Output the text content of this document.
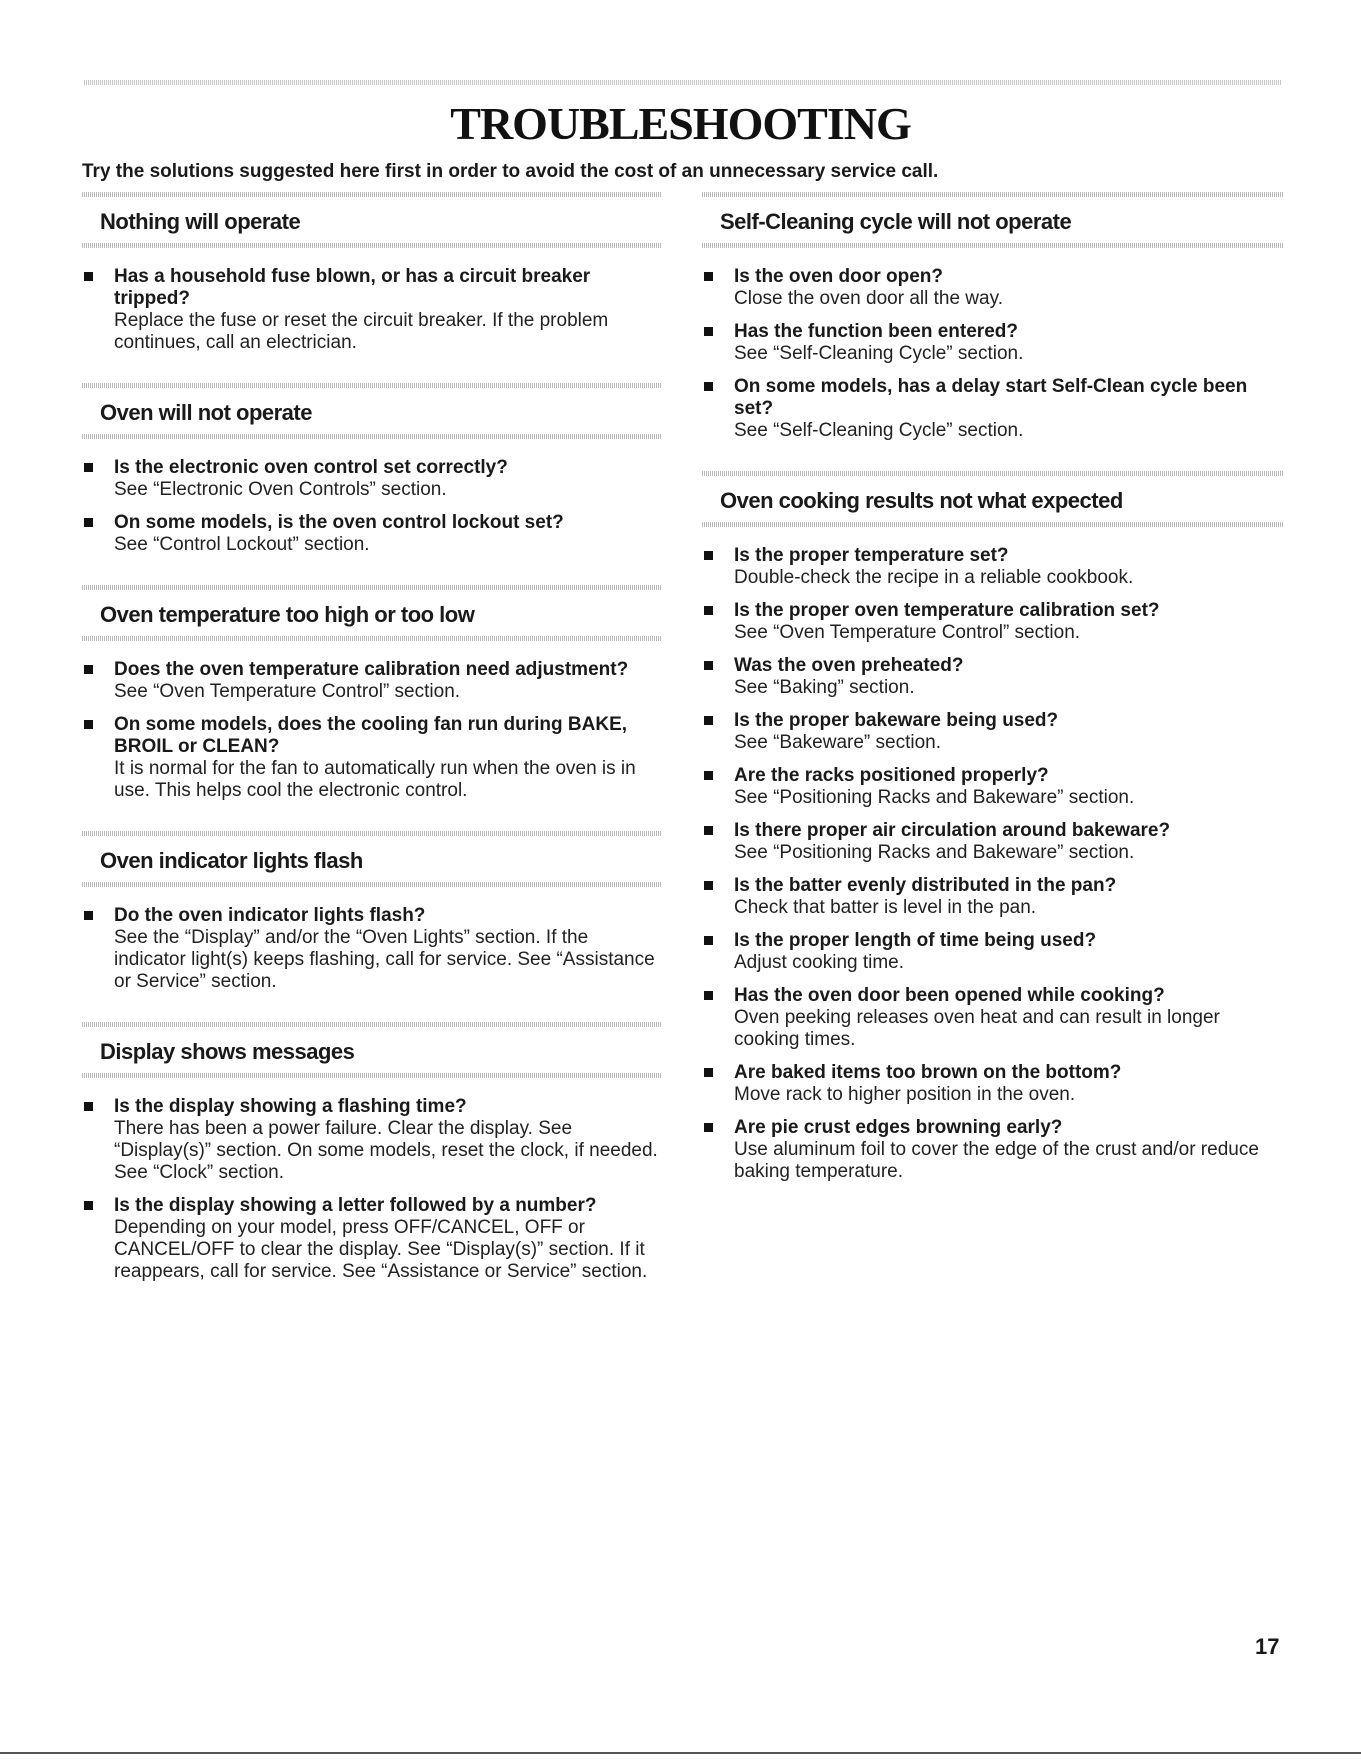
TROUBLESHOOTING

Try the solutions suggested here first in order to avoid the cost of an unnecessary service call.

Nothing will operate

Has a household fuse blown, or has a circuit breaker tripped?

Replace the fuse or reset the circuit breaker. If the problem continues, call an electrician.

Oven will not operate

Is the electronic oven control set correctly?

See “Electronic Oven Controls” section.

On some models, is the oven control lockout set?

See “Control Lockout” section.

Oven temperature too high or too low

Does the oven temperature calibration need adjustment?

See “Oven Temperature Control” section.

On some models, does the cooling fan run during BAKE, BROIL or CLEAN?

It is normal for the fan to automatically run when the oven is in use. This helps cool the electronic control.

Oven indicator lights flash

Do the oven indicator lights flash?

See the “Display” and/or the “Oven Lights” section. If the indicator light(s) keeps flashing, call for service. See “Assistance or Service” section.

Display shows messages

Is the display showing a flashing time?

There has been a power failure. Clear the display. See “Display(s)” section. On some models, reset the clock, if needed. See “Clock” section.

Is the display showing a letter followed by a number?

Depending on your model, press OFF/CANCEL, OFF or CANCEL/OFF to clear the display. See “Display(s)” section. If it reappears, call for service. See “Assistance or Service” section.

Self-Cleaning cycle will not operate

Is the oven door open?

Close the oven door all the way.

Has the function been entered?

See “Self-Cleaning Cycle” section.

On some models, has a delay start Self-Clean cycle been set?

See “Self-Cleaning Cycle” section.

Oven cooking results not what expected

Is the proper temperature set?

Double-check the recipe in a reliable cookbook.

Is the proper oven temperature calibration set?

See “Oven Temperature Control” section.

Was the oven preheated?

See “Baking” section.

Is the proper bakeware being used?

See “Bakeware” section.

Are the racks positioned properly?

See “Positioning Racks and Bakeware” section.

Is there proper air circulation around bakeware?

See “Positioning Racks and Bakeware” section.

Is the batter evenly distributed in the pan?

Check that batter is level in the pan.

Is the proper length of time being used?

Adjust cooking time.

Has the oven door been opened while cooking?

Oven peeking releases oven heat and can result in longer cooking times.

Are baked items too brown on the bottom?

Move rack to higher position in the oven.

Are pie crust edges browning early?

Use aluminum foil to cover the edge of the crust and/or reduce baking temperature.

17
